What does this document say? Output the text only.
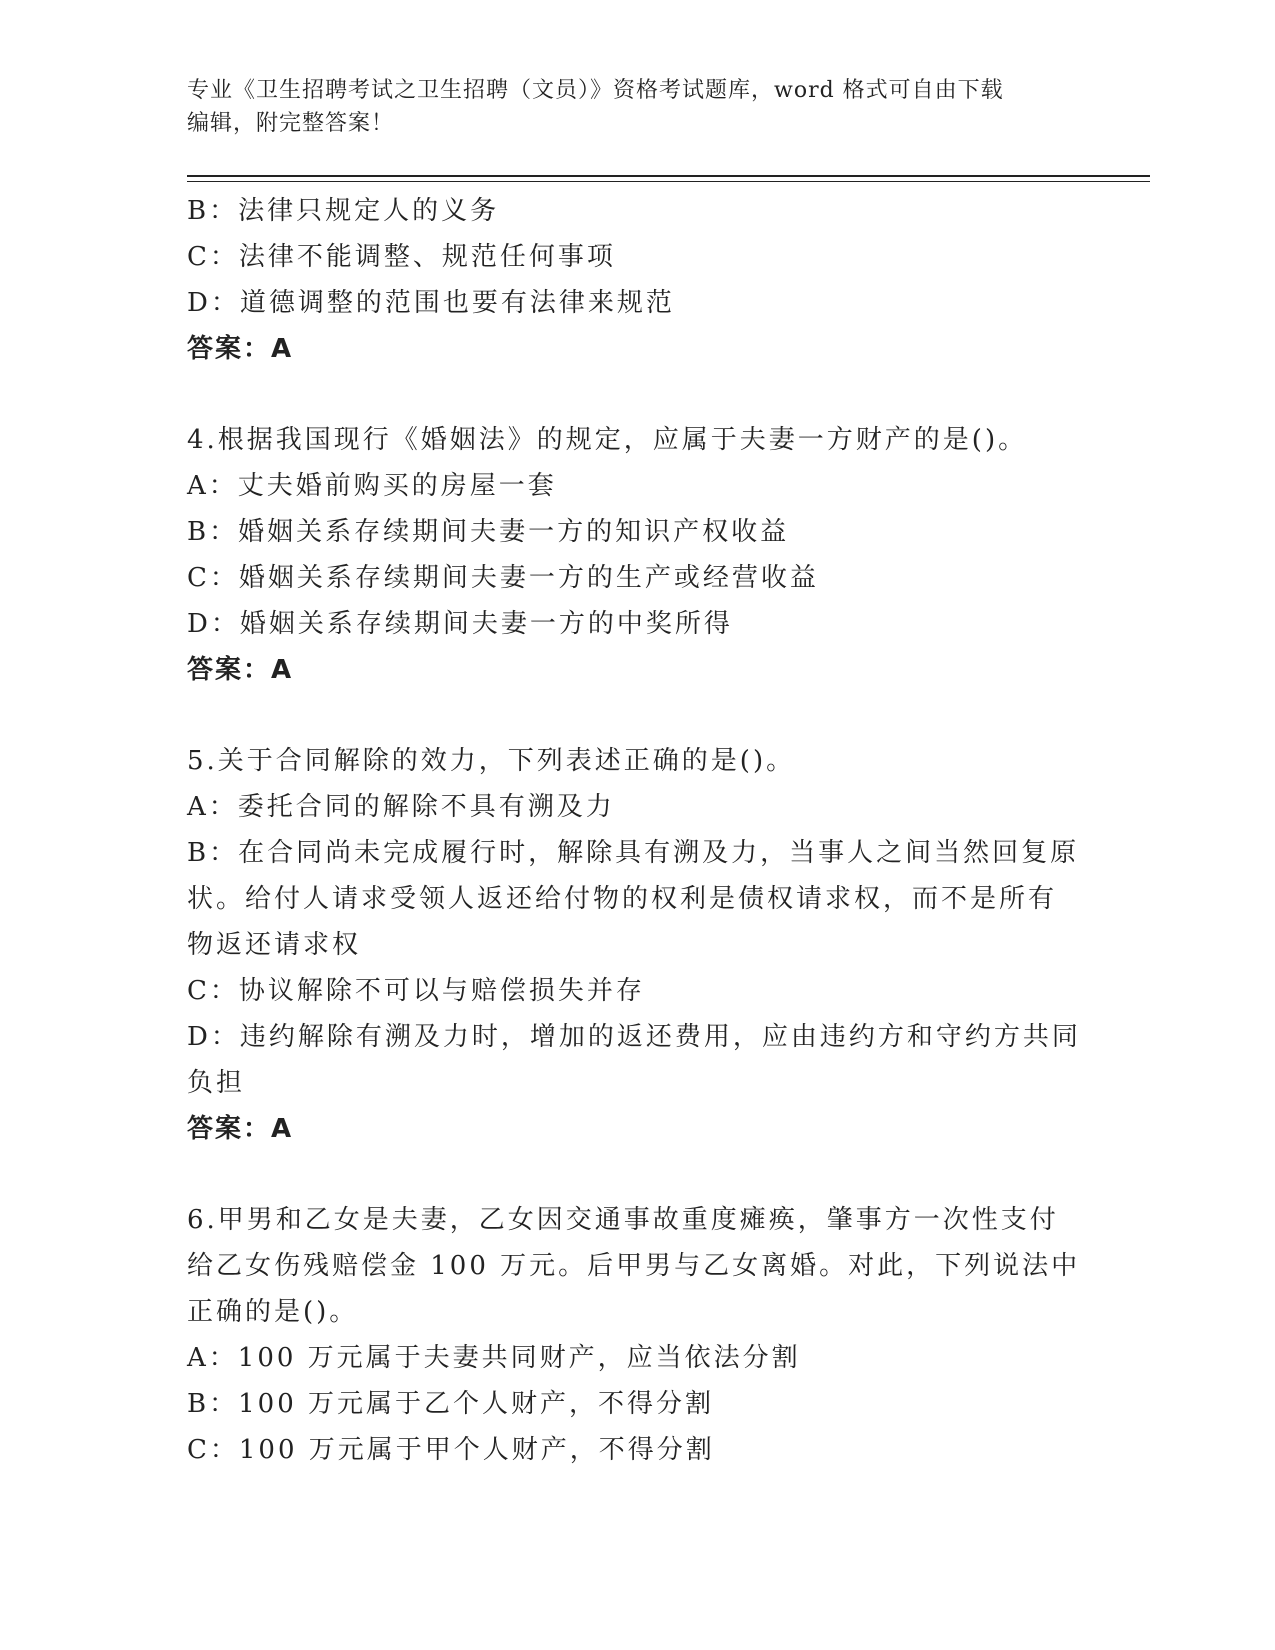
专业《卫生招聘考试之卫生招聘（文员）》资格考试题库，word 格式可自由下载
编辑，附完整答案！

B：法律只规定人的义务

C：法律不能调整、规范任何事项

D：道德调整的范围也要有法律来规范

答案：A

4.根据我国现行《婚姻法》的规定，应属于夫妻一方财产的是()。

A：丈夫婚前购买的房屋一套

B：婚姻关系存续期间夫妻一方的知识产权收益

C：婚姻关系存续期间夫妻一方的生产或经营收益

D：婚姻关系存续期间夫妻一方的中奖所得

答案：A

5.关于合同解除的效力，下列表述正确的是()。

A：委托合同的解除不具有溯及力

B：在合同尚未完成履行时，解除具有溯及力，当事人之间当然回复原

状。给付人请求受领人返还给付物的权利是债权请求权，而不是所有

物返还请求权

C：协议解除不可以与赔偿损失并存

D：违约解除有溯及力时，增加的返还费用，应由违约方和守约方共同

负担

答案：A

6.甲男和乙女是夫妻，乙女因交通事故重度瘫痪，肇事方一次性支付

给乙女伤残赔偿金 100 万元。后甲男与乙女离婚。对此，下列说法中

正确的是()。

A：100 万元属于夫妻共同财产，应当依法分割

B：100 万元属于乙个人财产，不得分割

C：100 万元属于甲个人财产，不得分割
